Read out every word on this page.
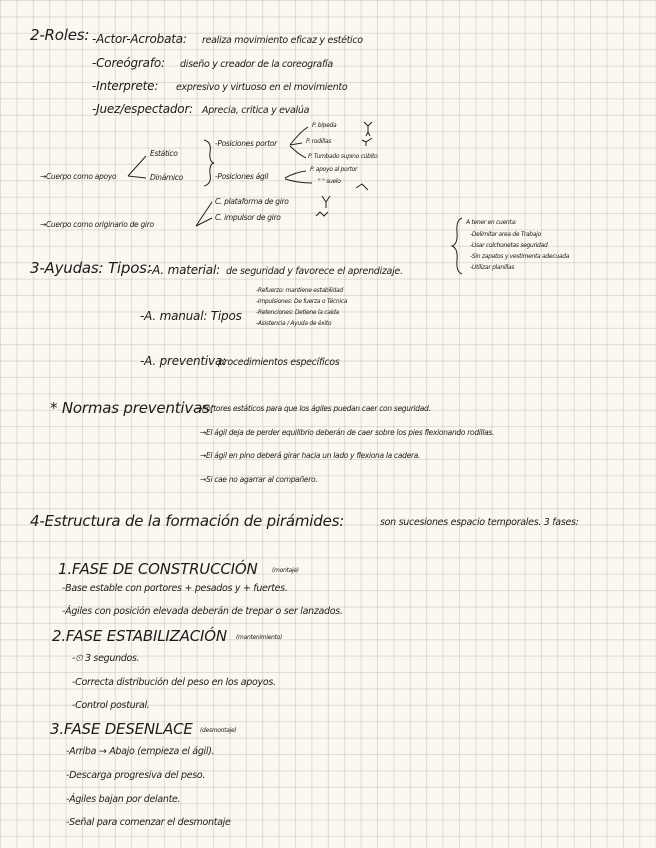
2-Roles: -Actor-Acrobata: realiza movimiento eficaz y estético
-Coreógrafo: diseño y creador de la coreografía
-Interprete: expresivo y virtuoso en el movimiento
-Juez/espectador: Aprecia, critica y evalúa
→Cuerpo como apoyo
Estático
Dinámico
-Posiciones portor
-Posiciones ágil
P. bípeda
P. rodillas
P. Tumbado supino cúbito
P. apoyo al portor
" " suelo
→Cuerpo como originario de giro
C. plataforma de giro
C. impulsor de giro
A tener en cuenta:
-Delimitar area de Trabajo
-Usar colchonetas seguridad
-Sin zapatos y vestimenta adecuada
-Utilizar planillas
3-Ayudas: Tipos:
-A. material: de seguridad y favorece el aprendizaje.
-A. manual: Tipos
-Refuerzo: mantiene estabilidad
-Impulsiones: De fuerza o Técnica
-Retenciones: Detiene la caída
-Asistencia / Ayuda de éxito
-A. preventiva:
procedimientos específicos
* Normas preventivas:
→Portores estáticos para que los ágiles puedan caer con seguridad.
→El ágil deja de perder equilibrio deberán de caer sobre los pies flexionando rodillas.
→El ágil en pino deberá girar hacia un lado y flexiona la cadera.
→Si cae no agarrar al compañero.
4-Estructura de la formación de pirámides:	son sucesiones espacio temporales. 3 fases:
1.FASE DE CONSTRUCCIÓN (montaje)
-Base estable con portores + pesados y + fuertes.
-Ágiles con posición elevada deberán de trepar o ser lanzados.
2.FASE ESTABILIZACIÓN (mantenimiento)
-⏲ 3 segundos.
-Correcta distribución del peso en los apoyos.
-Control postural.
3.FASE DESENLACE (desmontaje)
-Arriba → Abajo (empieza el ágil).
-Descarga progresiva del peso.
-Ágiles bajan por delante.
-Señal para comenzar el desmontaje
